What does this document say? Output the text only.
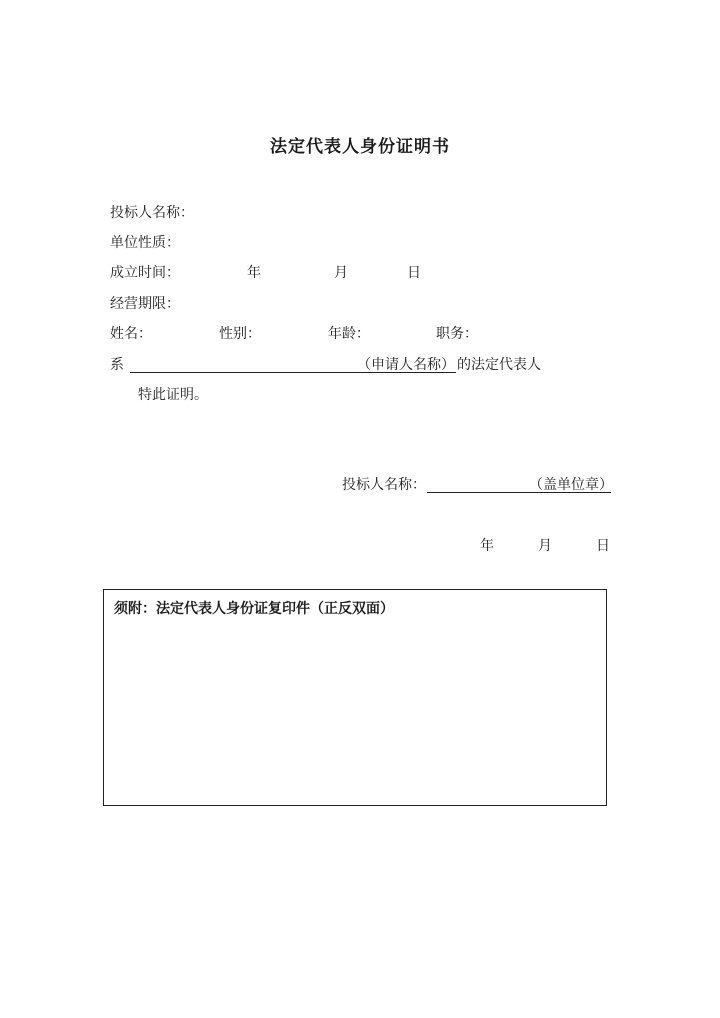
法定代表人身份证明书
投标人名称：
单位性质：
成立时间：	年	月	日
经营期限：
姓名：	性别：	年龄：	职务：
系	（申请人名称） 的法定代表人
特此证明。
投标人名称：	（盖单位章）
年	月	日
须附：法定代表人身份证复印件（正反双面）
